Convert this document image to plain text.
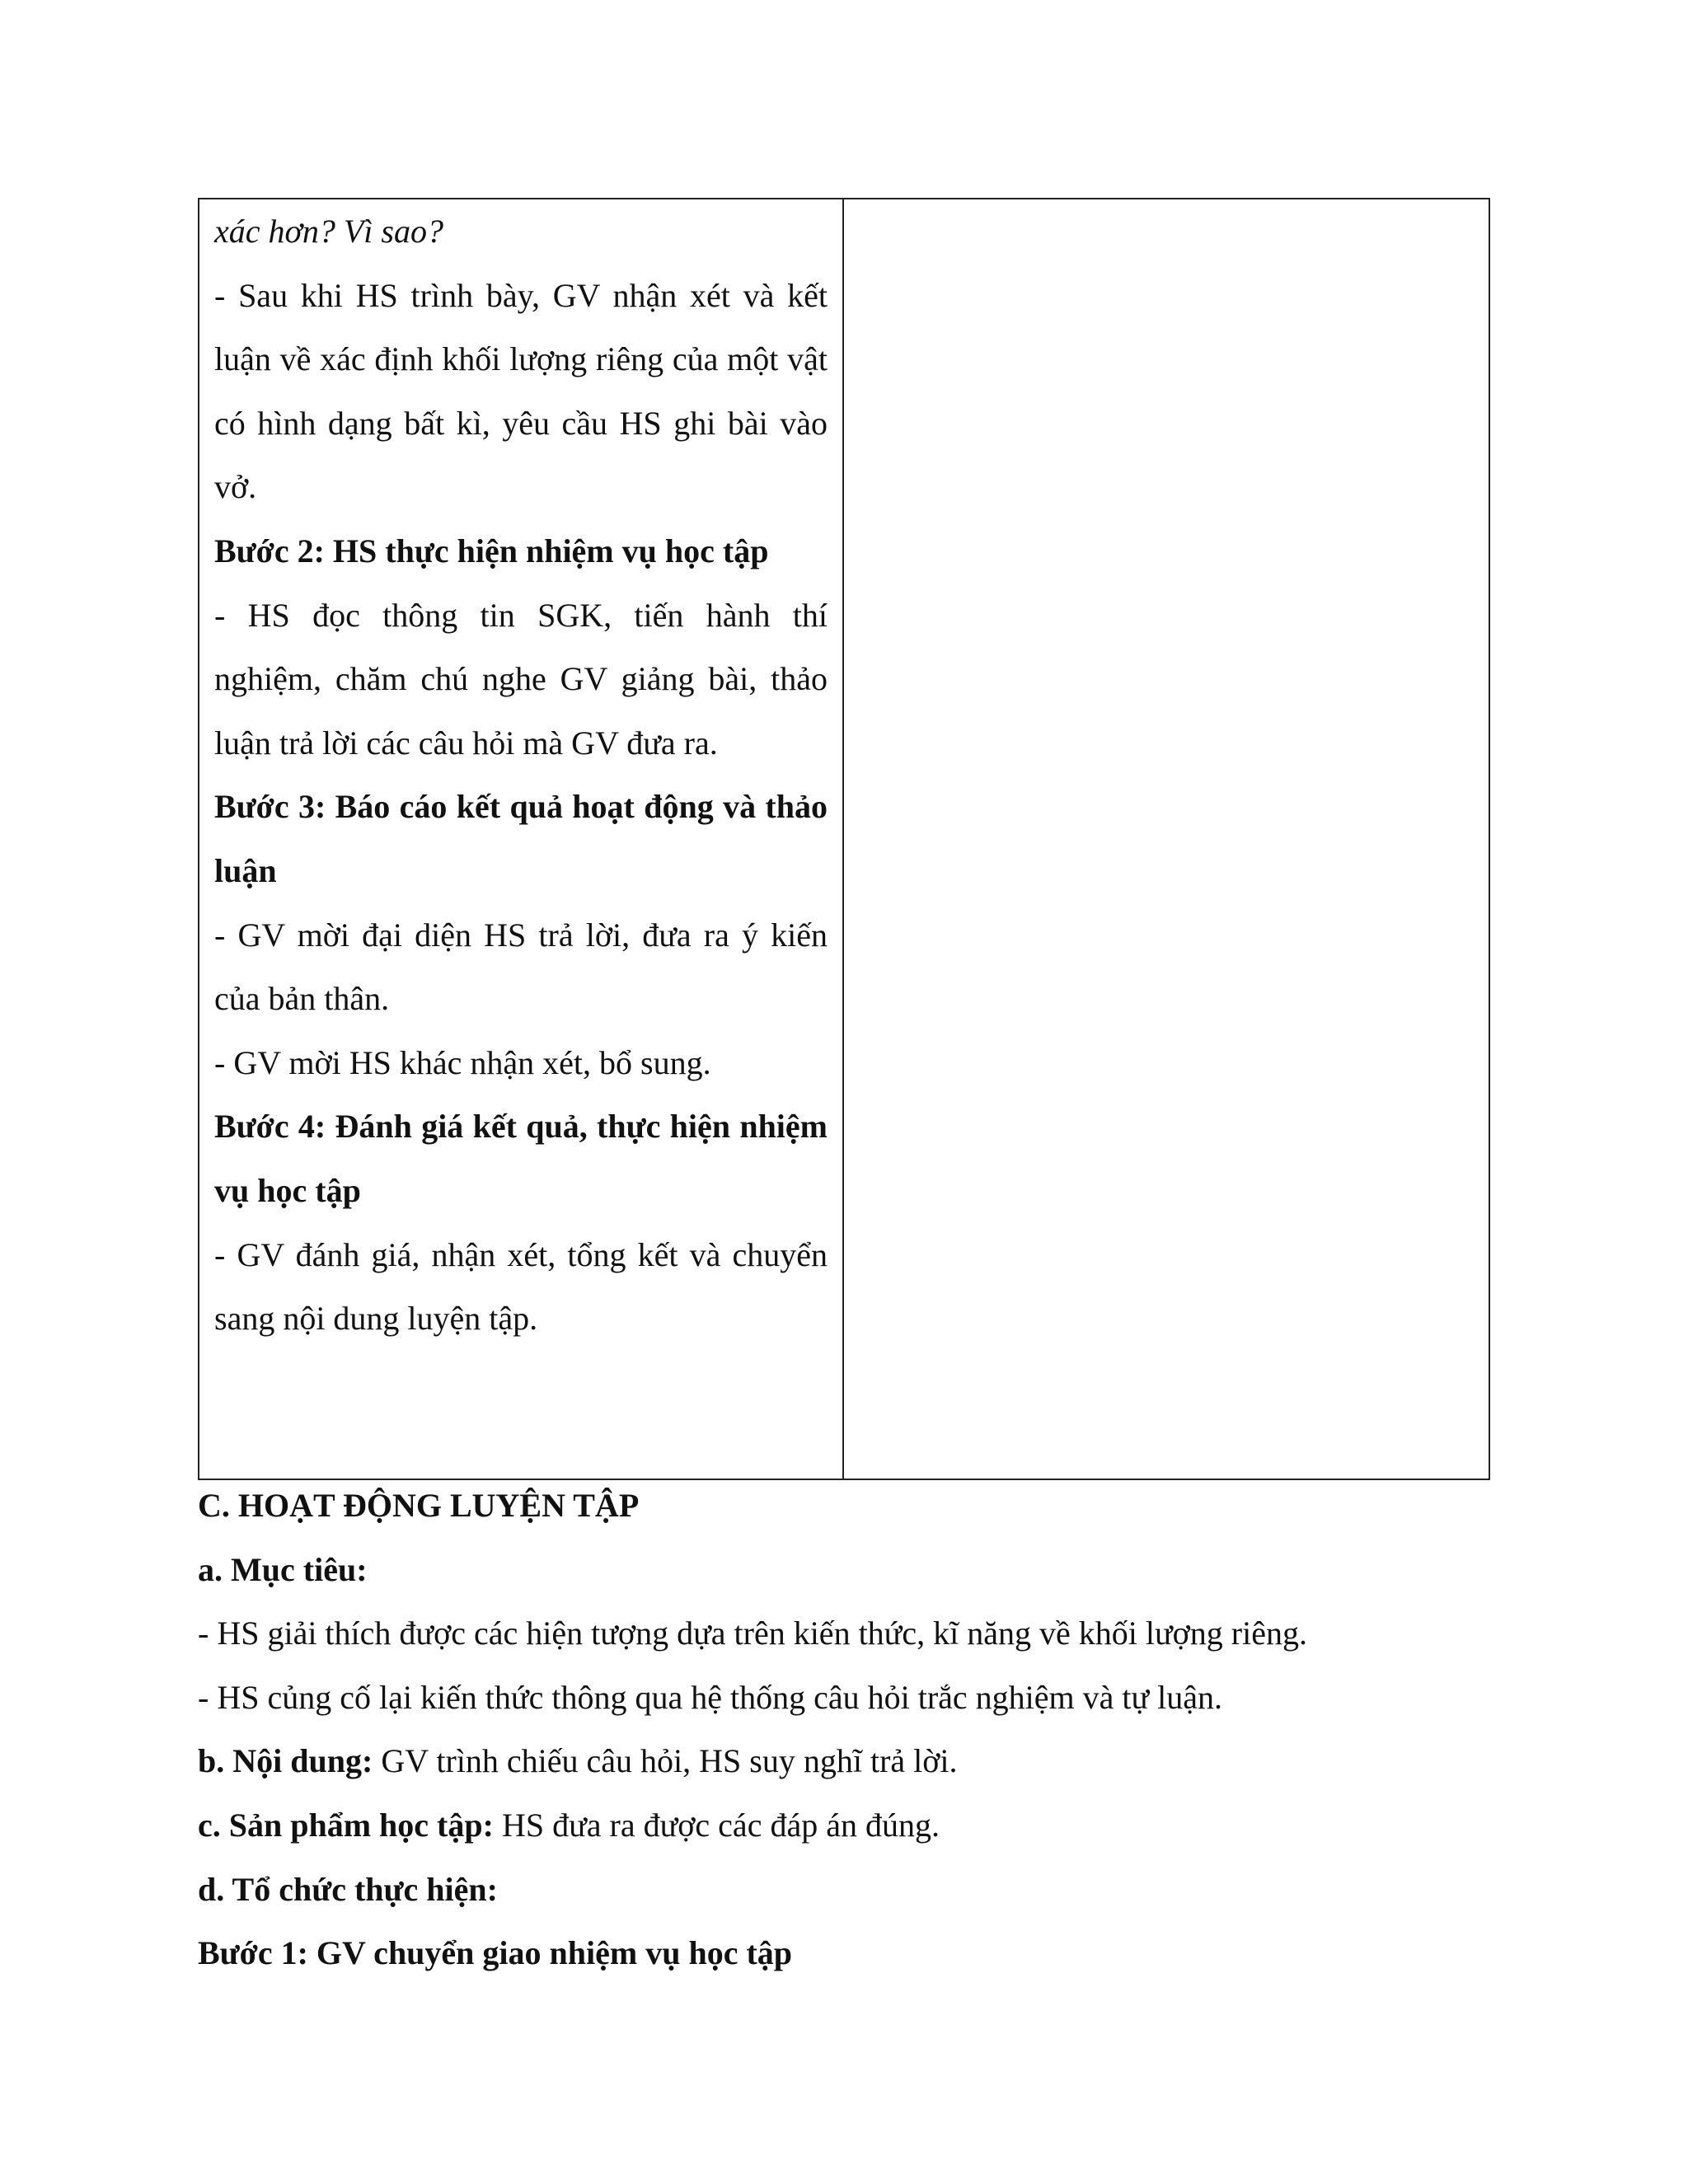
xác hơn? Vì sao?

- Sau khi HS trình bày, GV nhận xét và kết luận về xác định khối lượng riêng của một vật có hình dạng bất kì, yêu cầu HS ghi bài vào vở.

Bước 2: HS thực hiện nhiệm vụ học tập

- HS đọc thông tin SGK, tiến hành thí nghiệm, chăm chú nghe GV giảng bài, thảo luận trả lời các câu hỏi mà GV đưa ra.

Bước 3: Báo cáo kết quả hoạt động và thảo luận

- GV mời đại diện HS trả lời, đưa ra ý kiến của bản thân.

- GV mời HS khác nhận xét, bổ sung.

Bước 4: Đánh giá kết quả, thực hiện nhiệm vụ học tập

- GV đánh giá, nhận xét, tổng kết và chuyển sang nội dung luyện tập.

C. HOẠT ĐỘNG LUYỆN TẬP

a. Mục tiêu:

- HS giải thích được các hiện tượng dựa trên kiến thức, kĩ năng về khối lượng riêng.

- HS củng cố lại kiến thức thông qua hệ thống câu hỏi trắc nghiệm và tự luận.

b. Nội dung: GV trình chiếu câu hỏi, HS suy nghĩ trả lời.

c. Sản phẩm học tập: HS đưa ra được các đáp án đúng.

d. Tổ chức thực hiện:

Bước 1: GV chuyển giao nhiệm vụ học tập
